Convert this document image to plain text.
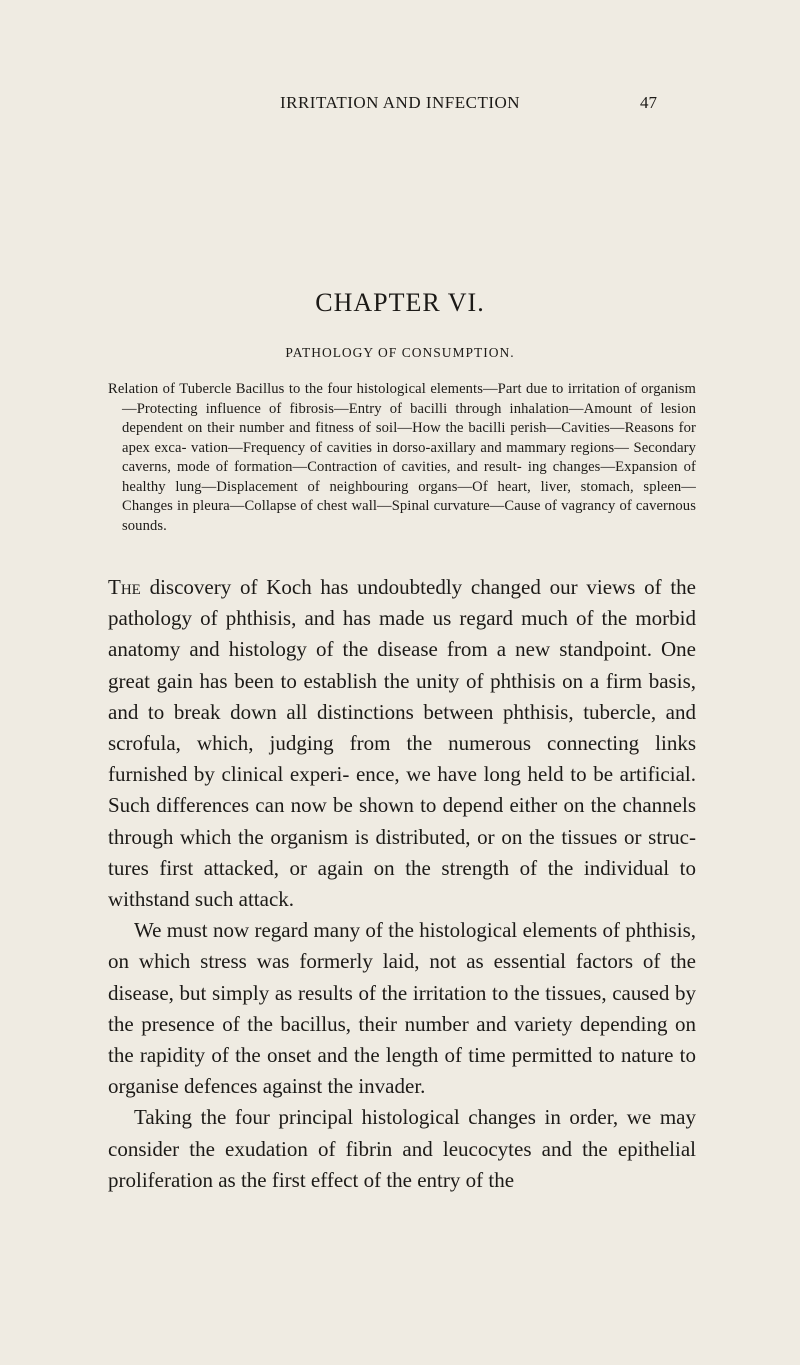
IRRITATION AND INFECTION	47
CHAPTER VI.
PATHOLOGY OF CONSUMPTION.
Relation of Tubercle Bacillus to the four histological elements—Part due to irritation of organism—Protecting influence of fibrosis—Entry of bacilli through inhalation—Amount of lesion dependent on their number and fitness of soil—How the bacilli perish—Cavities—Reasons for apex exca- vation—Frequency of cavities in dorso-axillary and mammary regions— Secondary caverns, mode of formation—Contraction of cavities, and result- ing changes—Expansion of healthy lung—Displacement of neighbouring organs—Of heart, liver, stomach, spleen—Changes in pleura—Collapse of chest wall—Spinal curvature—Cause of vagrancy of cavernous sounds.

The discovery of Koch has undoubtedly changed our views of the pathology of phthisis, and has made us regard much of the morbid anatomy and histology of the disease from a new standpoint. One great gain has been to establish the unity of phthisis on a firm basis, and to break down all distinctions between phthisis, tubercle, and scrofula, which, judging from the numerous connecting links furnished by clinical experi- ence, we have long held to be artificial. Such differences can now be shown to depend either on the channels through which the organism is distributed, or on the tissues or struc- tures first attacked, or again on the strength of the individual to withstand such attack.

We must now regard many of the histological elements of phthisis, on which stress was formerly laid, not as essential factors of the disease, but simply as results of the irritation to the tissues, caused by the presence of the bacillus, their number and variety depending on the rapidity of the onset and the length of time permitted to nature to organise defences against the invader.

Taking the four principal histological changes in order, we may consider the exudation of fibrin and leucocytes and the epithelial proliferation as the first effect of the entry of the
